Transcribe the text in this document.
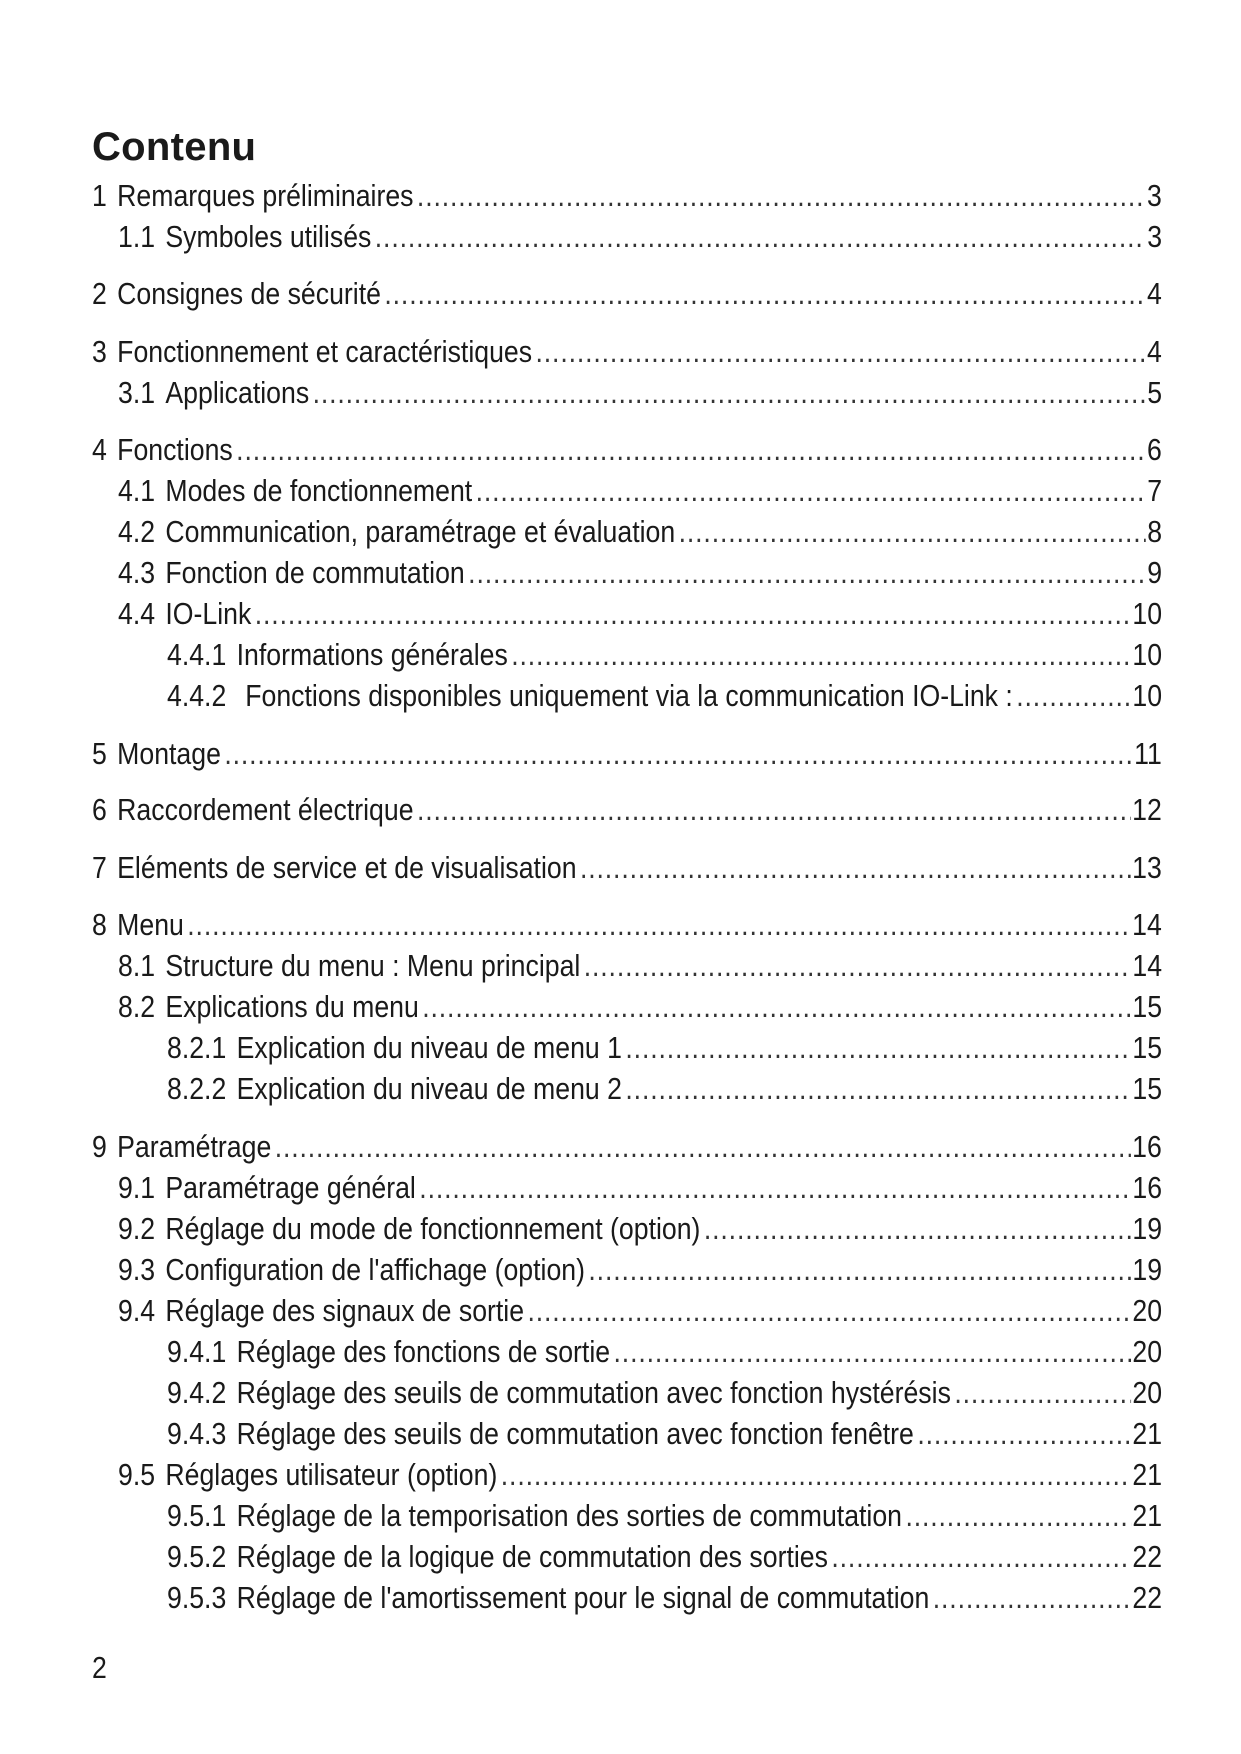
Contenu
1 Remarques préliminaires .....	3
1.1 Symboles utilisés .....	3
2 Consignes de sécurité .....	4
3 Fonctionnement et caractéristiques .....	4
3.1 Applications .....	5
4 Fonctions .....	6
4.1 Modes de fonctionnement .....	7
4.2 Communication, paramétrage et évaluation .....	8
4.3 Fonction de commutation .....	9
4.4 IO-Link .....	10
4.4.1 Informations générales .....	10
4.4.2 Fonctions disponibles uniquement via la communication IO-Link : .....	10
5 Montage .....	11
6 Raccordement électrique .....	12
7 Eléments de service et de visualisation .....	13
8 Menu .....	14
8.1 Structure du menu : Menu principal .....	14
8.2 Explications du menu .....	15
8.2.1 Explication du niveau de menu 1 .....	15
8.2.2 Explication du niveau de menu 2 .....	15
9 Paramétrage .....	16
9.1 Paramétrage général .....	16
9.2 Réglage du mode de fonctionnement (option) .....	19
9.3 Configuration de l'affichage (option) .....	19
9.4 Réglage des signaux de sortie .....	20
9.4.1 Réglage des fonctions de sortie .....	20
9.4.2 Réglage des seuils de commutation avec fonction hystérésis .....	20
9.4.3 Réglage des seuils de commutation avec fonction fenêtre .....	21
9.5 Réglages utilisateur (option) .....	21
9.5.1 Réglage de la temporisation des sorties de commutation .....	21
9.5.2 Réglage de la logique de commutation des sorties .....	22
9.5.3 Réglage de l'amortissement pour le signal de commutation .....	22
2
